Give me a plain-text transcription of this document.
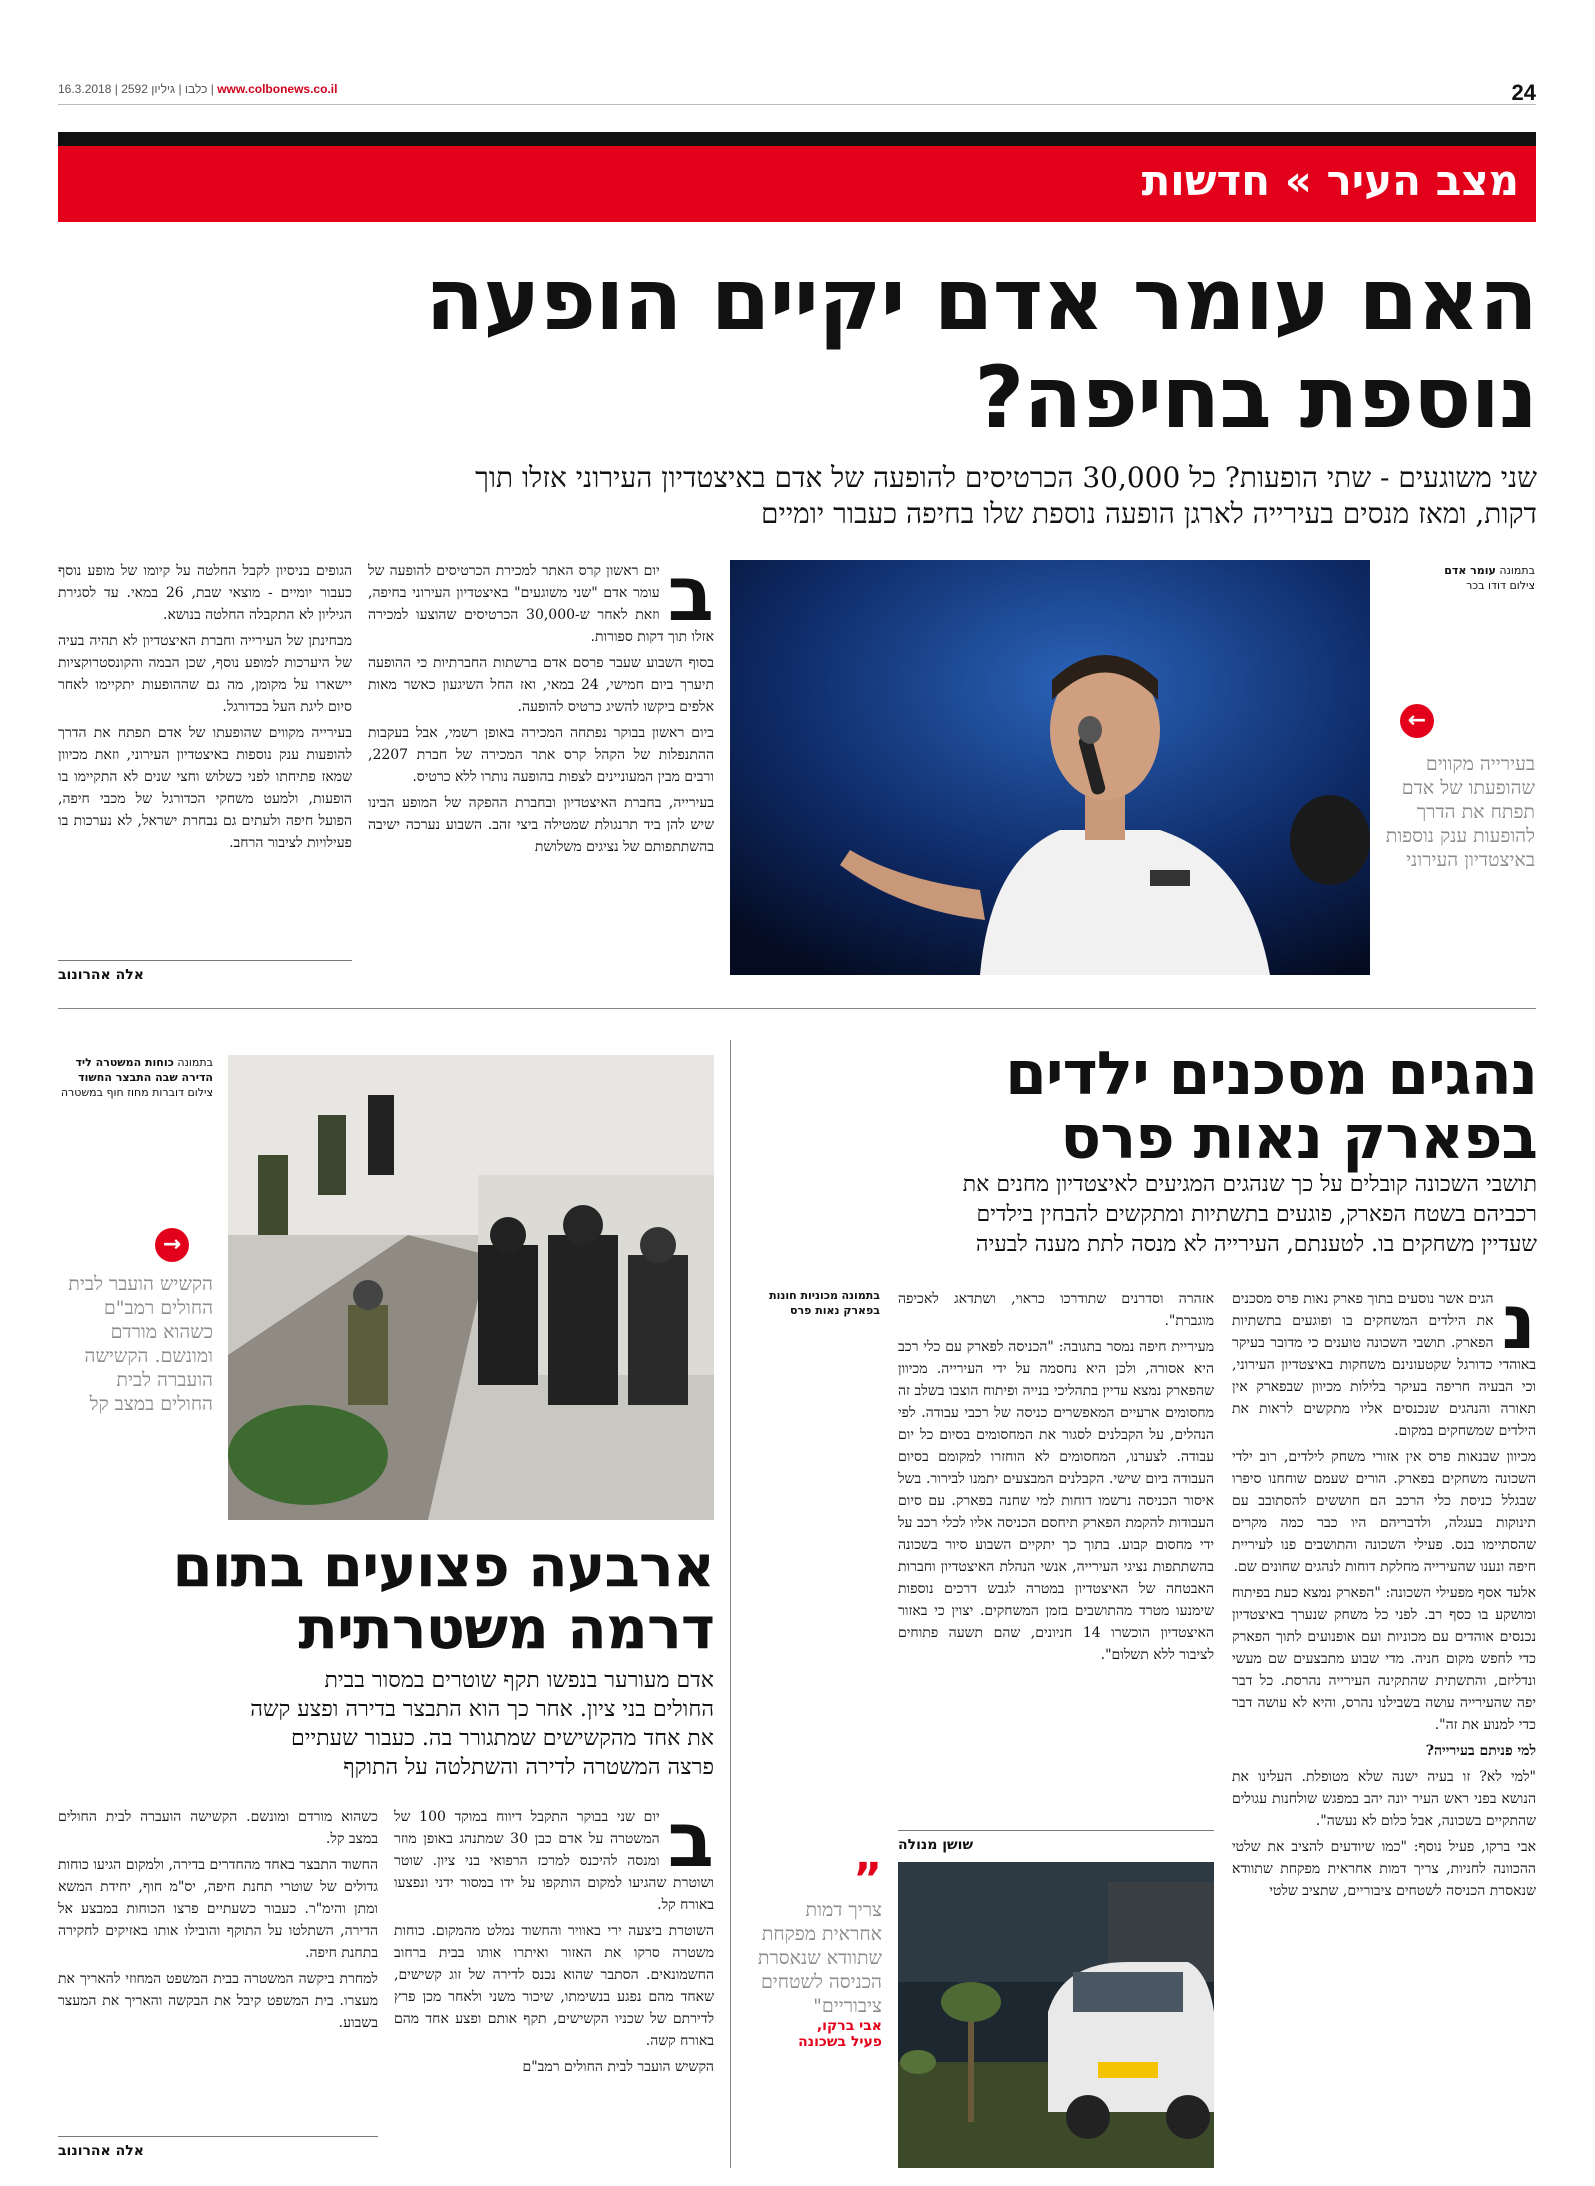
24
www.colbonews.co.il | כלבו | גיליון 2592 | 16.3.2018
מצב העיר » חדשות
האם עומר אדם יקיים הופעה
נוספת בחיפה?
שני משוגעים - שתי הופעות? כל 30,000 הכרטיסים להופעה של אדם באיצטדיון העירוני אזלו תוך
דקות, ומאז מנסים בעירייה לארגן הופעה נוספת שלו בחיפה כעבור יומיים
בתמונה עומר אדם
צילום דודו בכר
←
בעירייה מקווים שהופעתו של אדם תפתח את הדרך להופעות ענק נוספות באיצטדיון העירוני
ב

יום ראשון קרס האתר למכירת הכרטיסים להופעה של עומר אדם "שני משוגעים" באיצטדיון העירוני בחיפה, וזאת לאחר ש-30,000 הכרטיסים שהוצעו למכירה אזלו תוך דקות ספורות.

בסוף השבוע שעבר פרסם אדם ברשתות החברתיות כי ההופעה תיערך ביום חמישי, 24 במאי, ואז החל השיגעון כאשר מאות אלפים ביקשו להשיג כרטיס להופעה.

ביום ראשון בבוקר נפתחה המכירה באופן רשמי, אבל בעקבות ההתנפלות של הקהל קרס אתר המכירה של חברת 2207, ורבים מבין המעוניינים לצפות בהופעה נותרו ללא כרטיס.

בעירייה, בחברת האיצטדיון ובחברת ההפקה של המופע הבינו שיש להן ביד תרנגולת שמטילה ביצי זהב. השבוע נערכה ישיבה בהשתתפותם של נציגים משלושת

הגופים בניסיון לקבל החלטה על קיומו של מופע נוסף כעבור יומיים - מוצאי שבת, 26 במאי. עד לסגירת הגיליון לא התקבלה החלטה בנושא.

מבחינתן של העירייה וחברת האיצטדיון לא תהיה בעיה של היערכות למופע נוסף, שכן הבמה והקונסטרוקציות יישארו על מקומן, מה גם שההופעות יתקיימו לאחר סיום ליגת העל בכדורגל.

בעירייה מקווים שהופעתו של אדם תפתח את הדרך להופעות ענק נוספות באיצטדיון העירוני, וזאת מכיוון שמאז פתיחתו לפני כשלוש וחצי שנים לא התקיימו בו הופעות, ולמעט משחקי הכדורגל של מכבי חיפה, הפועל חיפה ולעתים גם נבחרת ישראל, לא נערכות בו פעילויות לציבור הרחב.

אלה אהרונוב
נהגים מסכנים ילדים
בפארק נאות פרס
תושבי השכונה קובלים על כך שנהגים המגיעים לאיצטדיון מחנים את
רכביהם בשטח הפארק, פוגעים בתשתיות ומתקשים להבחין בילדים
שעדיין משחקים בו. לטענתם, העירייה לא מנסה לתת מענה לבעיה
נ

הגים אשר נוסעים בתוך פארק נאות פרס מסכנים את הילדים המשחקים בו ופוגעים בתשתיות הפארק. תושבי השכונה טוענים כי מדובר בעיקר באוהדי כדורגל שקטעונינם משחקות באיצטדיון העירוני, וכי הבעיה חריפה בעיקר בלילות מכיוון שבפארק אין תאורה והנהגים שנכנסים אליו מתקשים לראות את הילדים שמשחקים במקום.

מכיוון שבנאות פרס אין אזורי משחק לילדים, רוב ילדי השכונה משחקים בפארק. הורים שעמם שוחחנו סיפרו שבגלל כניסת כלי הרכב הם חוששים להסתובב עם תינוקות בעגלה, ולדבריהם היו כבר כמה מקרים שהסתיימו בנס. פעילי השכונה והתושבים פנו לעיריית חיפה ונענו שהעירייה מחלקת דוחות לנהגים שחונים שם.

אלעד אסף מפעילי השכונה: "הפארק נמצא כעת בפיתוח ומושקע בו כסף רב. לפני כל משחק שנערך באיצטדיון נכנסים אוהדים עם מכוניות ועם אופנועים לתוך הפארק כדי לחפש מקום חניה. מדי שבוע מתבצעים שם מעשי ונדליזם, והתשתית שהתקינה העירייה נהרסת. כל דבר יפה שהעירייה עושה בשבילנו נהרס, והיא לא עושה דבר כדי למנוע את זה".

למי פניתם בעירייה?

"למי לא? זו בעיה ישנה שלא מטופלת. העלינו את הנושא בפני ראש העיר יונה יהב במפגש שולחנות עגולים שהתקיים בשכונה, אבל כלום לא נעשה".

אבי ברקו, פעיל נוסף: "כמו שיודעים להציב את שלטי ההכוונה לחניות, צריך דמות אחראית מפקחת שתוודא שנאסרת הכניסה לשטחים ציבוריים, שתציב שלטי

אזהרה וסדרנים שתודרכו כראוי, ושתדאג לאכיפה מוגברת".

מעיריית חיפה נמסר בתגובה: "הכניסה לפארק עם כלי רכב היא אסורה, ולכן היא נחסמה על ידי העירייה. מכיוון שהפארק נמצא עדיין בתהליכי בנייה ופיתוח הוצבו בשלב זה מחסומים ארעיים המאפשרים כניסה של רכבי עבודה. לפי הנהלים, על הקבלנים לסגור את המחסומים בסיום כל יום עבודה. לצערנו, המחסומים לא הוחזרו למקומם בסיום העבודה ביום שישי. הקבלנים המבצעים יתמנו לבירור. בשל איסור הכניסה נרשמו דוחות למי שחנה בפארק. עם סיום העבודות להקמת הפארק תיחסם הכניסה אליו לכלי רכב על ידי מחסום קבוע. בתוך כך יתקיים השבוע סיור בשכונה בהשתתפות נציגי העירייה, אנשי הנהלת האיצטדיון וחברות האבטחה של האיצטדיון במטרה לגבש דרכים נוספות שימנעו מטרד מהתושבים בזמן המשחקים. יצוין כי באזור האיצטדיון הוכשרו 14 חניונים, שהם תשעה פתוחים לציבור ללא תשלום".

בתמונה מכוניות חונות בפארק נאות פרס
שושן מנולה
”
צריך דמות אחראית מפקחת שתוודא שנאסרת הכניסה לשטחים ציבוריים"
אבי ברקו,
פעיל בשכונה
בתמונה כוחות המשטרה ליד הדירה שבה התבצר החשוד
צילום דוברות מחוז חוף במשטרה
→
הקשיש הועבר לבית החולים רמב"ם כשהוא מורדם ומונשם. הקשישה הועברה לבית החולים במצב קל
ארבעה פצועים בתום
דרמה משטרתית
אדם מעורער בנפשו תקף שוטרים במסור בבית
החולים בני ציון. אחר כך הוא התבצר בדירה ופצע קשה
את אחד מהקשישים שמתגורר בה. כעבור שעתיים
פרצה המשטרה לדירה והשתלטה על התוקף
ב

יום שני בבוקר התקבל דיווח במוקד 100 של המשטרה על אדם כבן 30 שמתנהג באופן מוזר ומנסה להיכנס למרכז הרפואי בני ציון. שוטר ושוטרת שהגיעו למקום הותקפו על ידו במסור ידני ונפצעו באורח קל.

השוטרת ביצעה ירי באוויר והחשוד נמלט מהמקום. כוחות משטרה סרקו את האזור ואיתרו אותו בבית ברחוב החשמונאים. הסתבר שהוא נכנס לדירה של זוג קשישים, שאחד מהם נפגע בנשימתו, שיכור משני ולאחר מכן פרץ לדירתם של שכניו הקשישים, תקף אותם ופצע אחד מהם באורח קשה.

הקשיש הועבר לבית החולים רמב"ם

כשהוא מורדם ומונשם. הקשישה הועברה לבית החולים במצב קל.

החשוד התבצר באחד מהחדרים בדירה, ולמקום הגיעו כוחות גדולים של שוטרי תחנת חיפה, יס"מ חוף, יחידת המשא ומתן והימ"ר. כעבור כשעתיים פרצו הכוחות במבצע אל הדירה, השתלטו על התוקף והובילו אותו באזיקים לחקירה בתחנת חיפה.

למחרת ביקשה המשטרה בבית המשפט המחוזי להאריך את מעצרו. בית המשפט קיבל את הבקשה והאריך את המעצר בשבוע.

אלה אהרונוב
